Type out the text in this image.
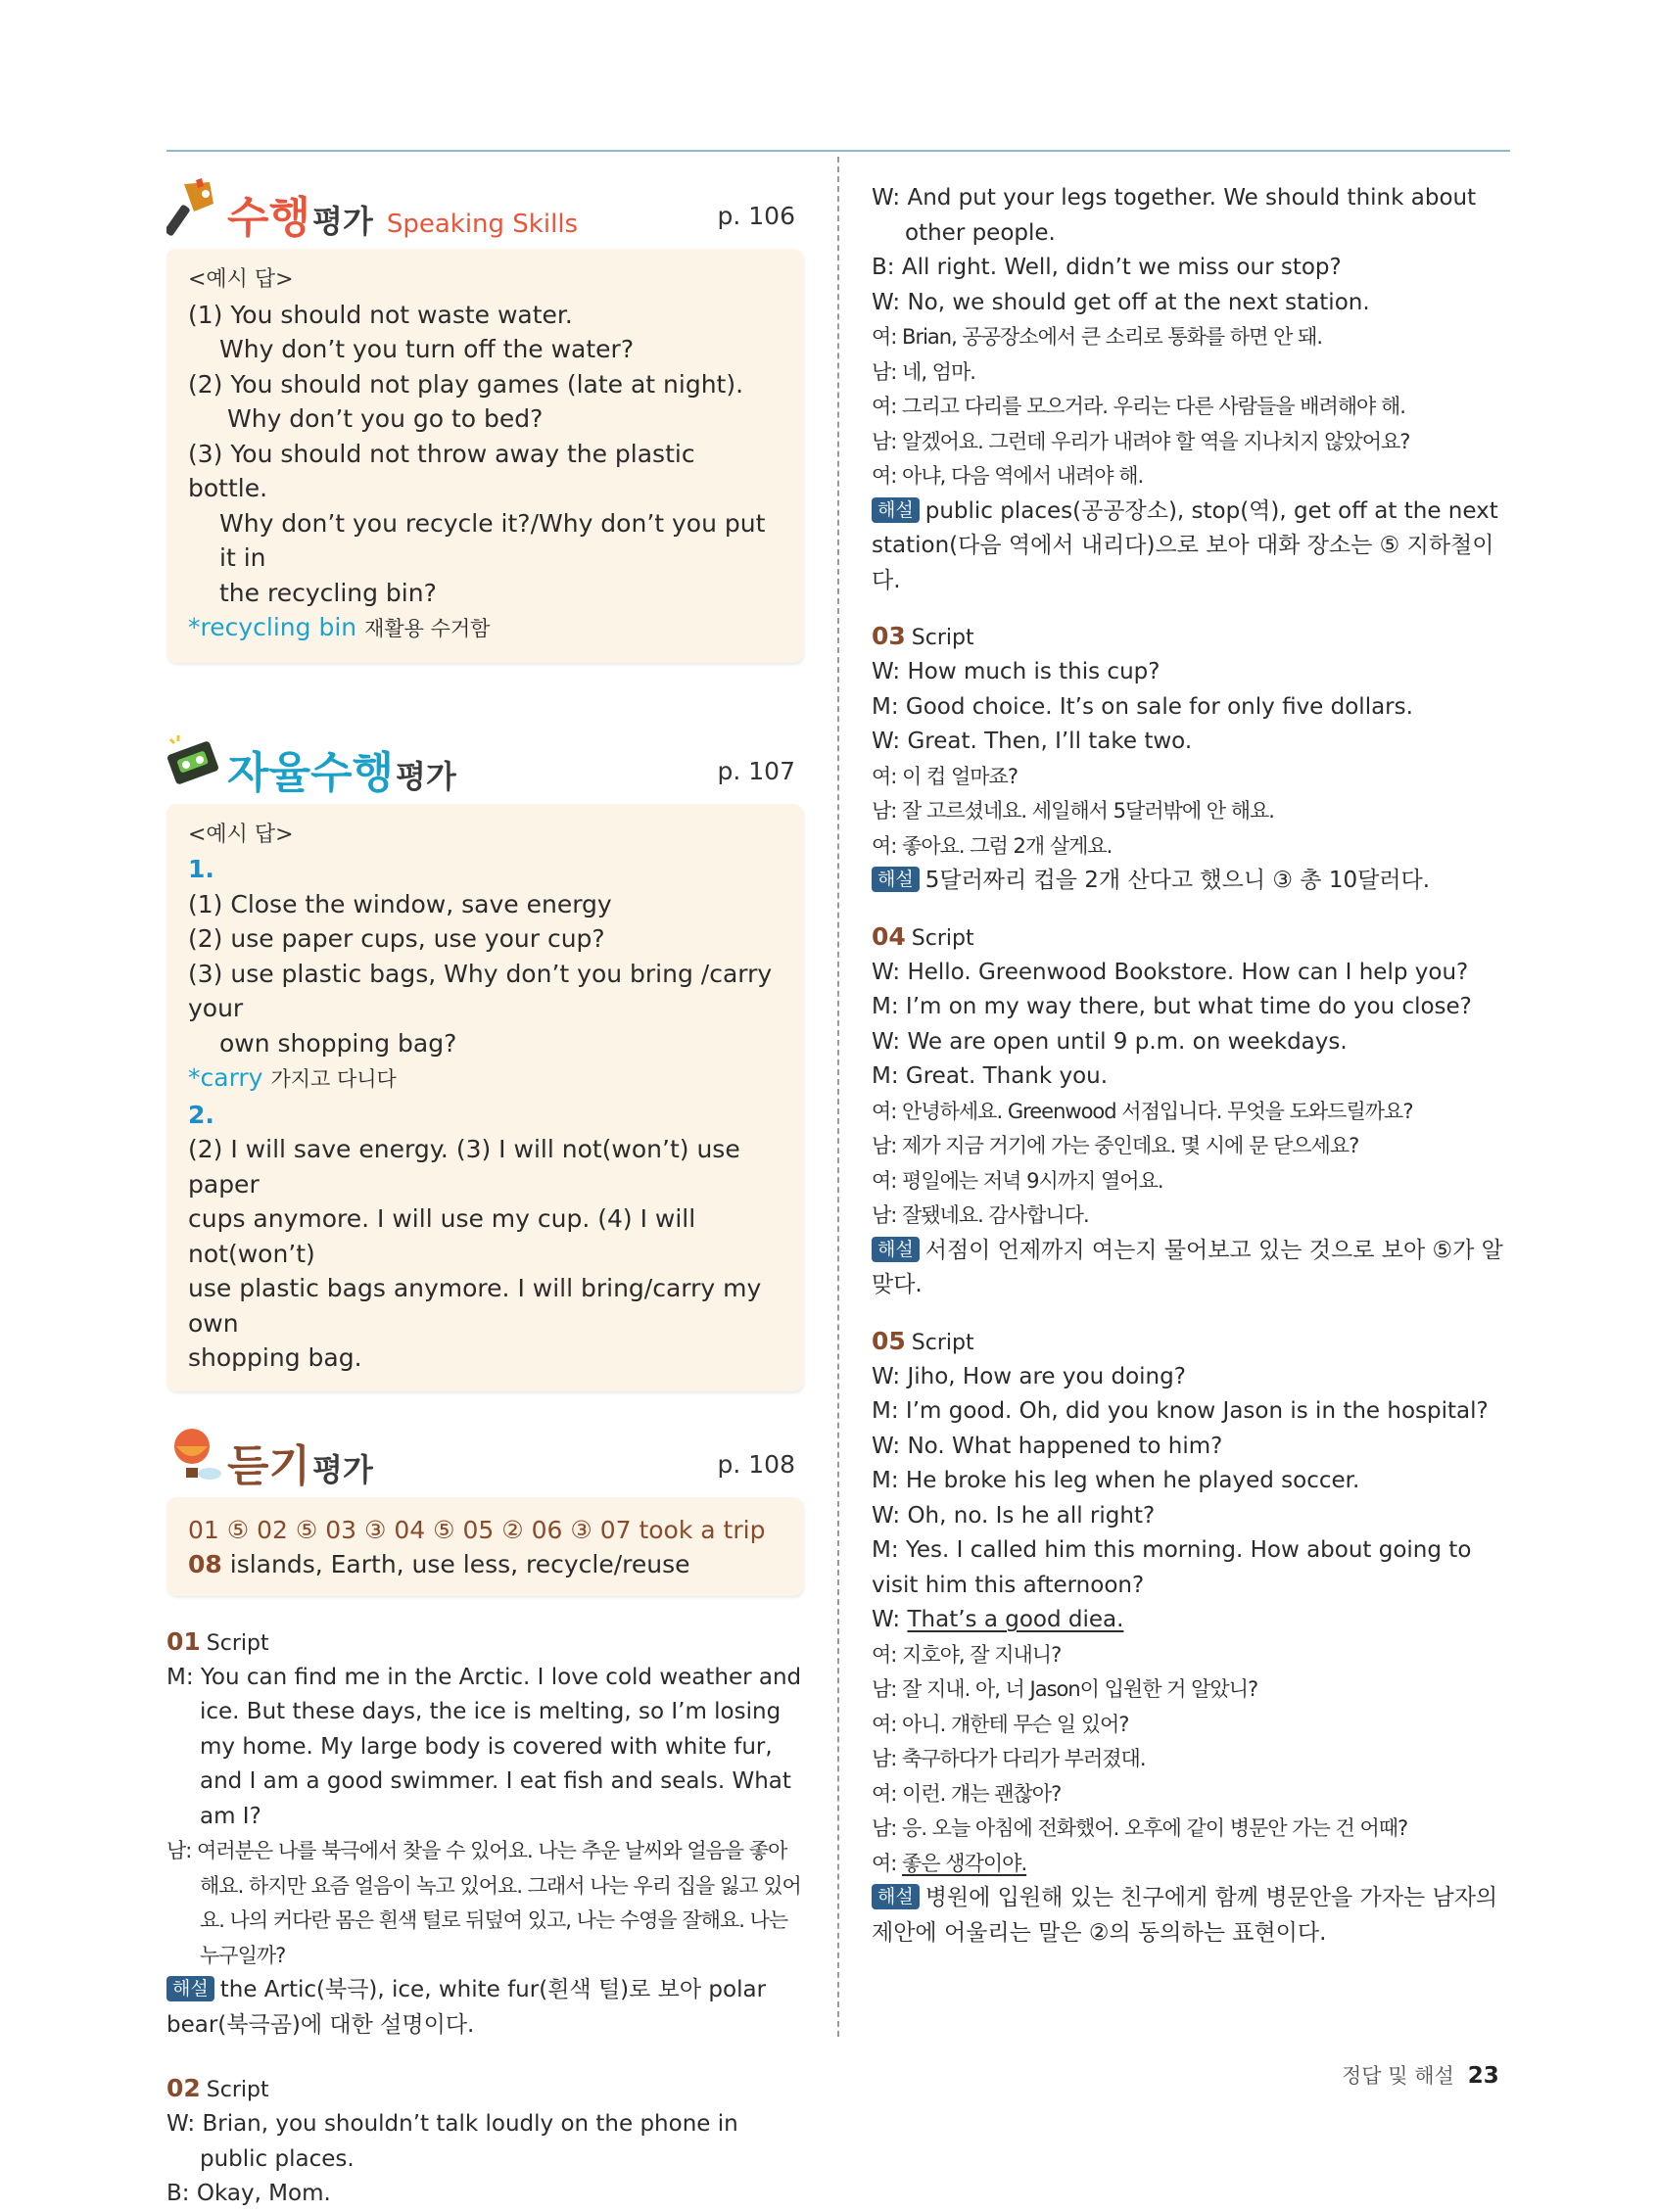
수행평가 Speaking Skills	p. 106
<예시 답>
(1) You should not waste water.
Why don’t you turn off the water?
(2) You should not play games (late at night).
Why don’t you go to bed?
(3) You should not throw away the plastic bottle.
Why don’t you recycle it?/Why don’t you put it in
the recycling bin?
*recycling bin 재활용 수거함
자율수행평가	p. 107
<예시 답>
1.
(1) Close the window, save energy
(2) use paper cups, use your cup?
(3) use plastic bags, Why don’t you bring /carry your
own shopping bag?
*carry 가지고 다니다
2.
(2) I will save energy. (3) I will not(won’t) use paper
cups anymore. I will use my cup. (4) I will not(won’t)
use plastic bags anymore. I will bring/carry my own
shopping bag.
듣기평가	p. 108
01 ⑤ 02 ⑤ 03 ③ 04 ⑤ 05 ② 06 ③ 07 took a trip
08 islands, Earth, use less, recycle/reuse
01 Script
M: You can find me in the Arctic. I love cold weather and ice. But these days, the ice is melting, so I’m losing my home. My large body is covered with white fur, and I am a good swimmer. I eat fish and seals. What am I?
남: 여러분은 나를 북극에서 찾을 수 있어요. 나는 추운 날씨와 얼음을 좋아해요. 하지만 요즘 얼음이 녹고 있어요. 그래서 나는 우리 집을 잃고 있어요. 나의 커다란 몸은 흰색 털로 뒤덮여 있고, 나는 수영을 잘해요. 나는 누구일까?
해설 the Artic(북극), ice, white fur(흰색 털)로 보아 polar bear(북극곰)에 대한 설명이다.
02 Script
W: Brian, you shouldn’t talk loudly on the phone in public places.
B: Okay, Mom.
W: And put your legs together. We should think about other people.
B: All right. Well, didn’t we miss our stop?
W: No, we should get off at the next station.
여: Brian, 공공장소에서 큰 소리로 통화를 하면 안 돼.
남: 네, 엄마.
여: 그리고 다리를 모으거라. 우리는 다른 사람들을 배려해야 해.
남: 알겠어요. 그런데 우리가 내려야 할 역을 지나치지 않았어요?
여: 아냐, 다음 역에서 내려야 해.
해설 public places(공공장소), stop(역), get off at the next station(다음 역에서 내리다)으로 보아 대화 장소는 ⑤ 지하철이다.
03 Script
W: How much is this cup?
M: Good choice. It’s on sale for only five dollars.
W: Great. Then, I’ll take two.
여: 이 컵 얼마죠?
남: 잘 고르셨네요. 세일해서 5달러밖에 안 해요.
여: 좋아요. 그럼 2개 살게요.
해설 5달러짜리 컵을 2개 산다고 했으니 ③ 총 10달러다.
04 Script
W: Hello. Greenwood Bookstore. How can I help you?
M: I’m on my way there, but what time do you close?
W: We are open until 9 p.m. on weekdays.
M: Great. Thank you.
여: 안녕하세요. Greenwood 서점입니다. 무엇을 도와드릴까요?
남: 제가 지금 거기에 가는 중인데요. 몇 시에 문 닫으세요?
여: 평일에는 저녁 9시까지 열어요.
남: 잘됐네요. 감사합니다.
해설 서점이 언제까지 여는지 물어보고 있는 것으로 보아 ⑤가 알맞다.
05 Script
W: Jiho, How are you doing?
M: I’m good. Oh, did you know Jason is in the hospital?
W: No. What happened to him?
M: He broke his leg when he played soccer.
W: Oh, no. Is he all right?
M: Yes. I called him this morning. How about going to visit him this afternoon?
W: That’s a good diea.
여: 지호야, 잘 지내니?
남: 잘 지내. 아, 너 Jason이 입원한 거 알았니?
여: 아니. 걔한테 무슨 일 있어?
남: 축구하다가 다리가 부러졌대.
여: 이런. 걔는 괜찮아?
남: 응. 오늘 아침에 전화했어. 오후에 같이 병문안 가는 건 어때?
여: 좋은 생각이야.
해설 병원에 입원해 있는 친구에게 함께 병문안을 가자는 남자의 제안에 어울리는 말은 ②의 동의하는 표현이다.
정답 및 해설 23
